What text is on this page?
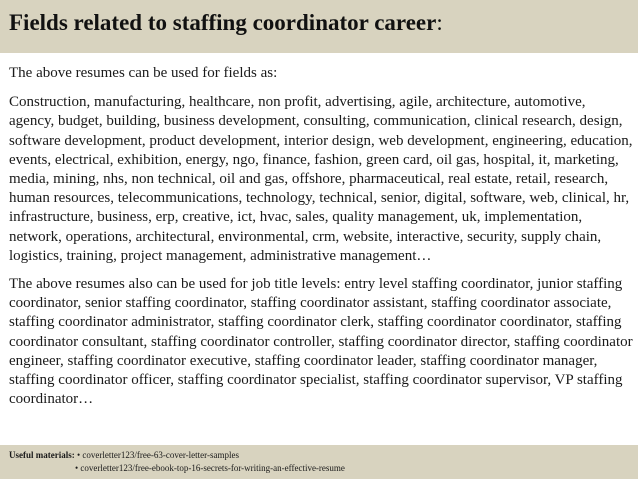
Fields related to staffing coordinator career:

The above resumes can be used for fields as:

Construction, manufacturing, healthcare, non profit, advertising, agile, architecture, automotive, agency, budget, building, business development, consulting, communication, clinical research, design, software development, product development, interior design, web development, engineering, education, events, electrical, exhibition, energy, ngo, finance, fashion, green card, oil gas, hospital, it, marketing, media, mining, nhs, non technical, oil and gas, offshore, pharmaceutical, real estate, retail, research, human resources, telecommunications, technology, technical, senior, digital, software, web, clinical, hr, infrastructure, business, erp, creative, ict, hvac, sales, quality management, uk, implementation, network, operations, architectural, environmental, crm, website, interactive, security, supply chain, logistics, training, project management, administrative management…

The above resumes also can be used for job title levels: entry level staffing coordinator, junior staffing coordinator, senior staffing coordinator, staffing coordinator assistant, staffing coordinator associate, staffing coordinator administrator, staffing coordinator clerk, staffing coordinator coordinator, staffing coordinator consultant, staffing coordinator controller, staffing coordinator director, staffing coordinator engineer, staffing coordinator executive, staffing coordinator leader, staffing coordinator manager, staffing coordinator officer, staffing coordinator specialist, staffing coordinator supervisor, VP staffing coordinator…

Useful materials:
• coverletter123/free-63-cover-letter-samples
• coverletter123/free-ebook-top-16-secrets-for-writing-an-effective-resume
